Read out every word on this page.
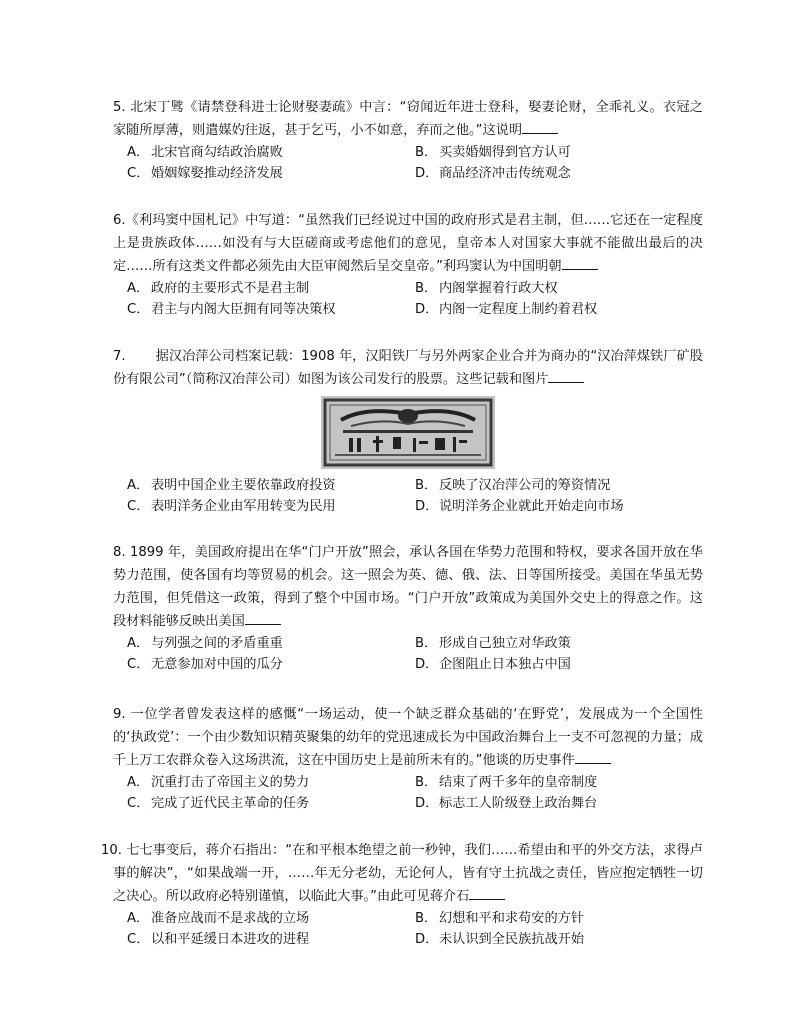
5. 北宋丁骘《请禁登科进士论财娶妻疏》中言：“窃闻近年进士登科，娶妻论财，全乖礼义。衣冠之家随所厚薄，则遣媒妁往返，甚于乞丐，小不如意，弃而之他。”这说明

A． 北宋官商勾结政治腐败	B． 买卖婚姻得到官方认可
C． 婚姻嫁娶推动经济发展	D． 商品经济冲击传统观念

6.《利玛窦中国札记》中写道：“虽然我们已经说过中国的政府形式是君主制，但……它还在一定程度上是贵族政体……如没有与大臣磋商或考虑他们的意见，皇帝本人对国家大事就不能做出最后的决定……所有这类文件都必须先由大臣审阅然后呈交皇帝。”利玛窦认为中国明朝

A． 政府的主要形式不是君主制	B． 内阁掌握着行政大权
C． 君主与内阁大臣拥有同等决策权	D． 内阁一定程度上制约着君权

7. 据汉冶萍公司档案记载：1908 年，汉阳铁厂与另外两家企业合并为商办的“汉冶萍煤铁厂矿股份有限公司”（简称汉冶萍公司）如图为该公司发行的股票。这些记载和图片

A． 表明中国企业主要依靠政府投资	B． 反映了汉冶萍公司的筹资情况
C． 表明洋务企业由军用转变为民用	D． 说明洋务企业就此开始走向市场

8. 1899 年，美国政府提出在华“门户开放”照会，承认各国在华势力范围和特权，要求各国开放在华势力范围，使各国有均等贸易的机会。这一照会为英、德、俄、法、日等国所接受。美国在华虽无势力范围，但凭借这一政策，得到了整个中国市场。“门户开放”政策成为美国外交史上的得意之作。这段材料能够反映出美国

A． 与列强之间的矛盾重重	B． 形成自己独立对华政策
C． 无意参加对中国的瓜分	D． 企图阻止日本独占中国

9. 一位学者曾发表这样的感慨“一场运动，使一个缺乏群众基础的‘在野党’，发展成为一个全国性的‘执政党’：一个由少数知识精英聚集的幼年的党迅速成长为中国政治舞台上一支不可忽视的力量；成千上万工农群众卷入这场洪流，这在中国历史上是前所未有的。”他谈的历史事件

A． 沉重打击了帝国主义的势力	B． 结束了两千多年的皇帝制度
C． 完成了近代民主革命的任务	D． 标志工人阶级登上政治舞台

10. 七七事变后，蒋介石指出：“在和平根本绝望之前一秒钟，我们……希望由和平的外交方法，求得卢事的解决”，“如果战端一开，……年无分老幼，无论何人，皆有守土抗战之责任，皆应抱定牺牲一切之决心。所以政府必特别谨慎，以临此大事。”由此可见蒋介石

A． 准备应战而不是求战的立场	B． 幻想和平和求苟安的方针
C． 以和平延缓日本进攻的进程	D． 未认识到全民族抗战开始
